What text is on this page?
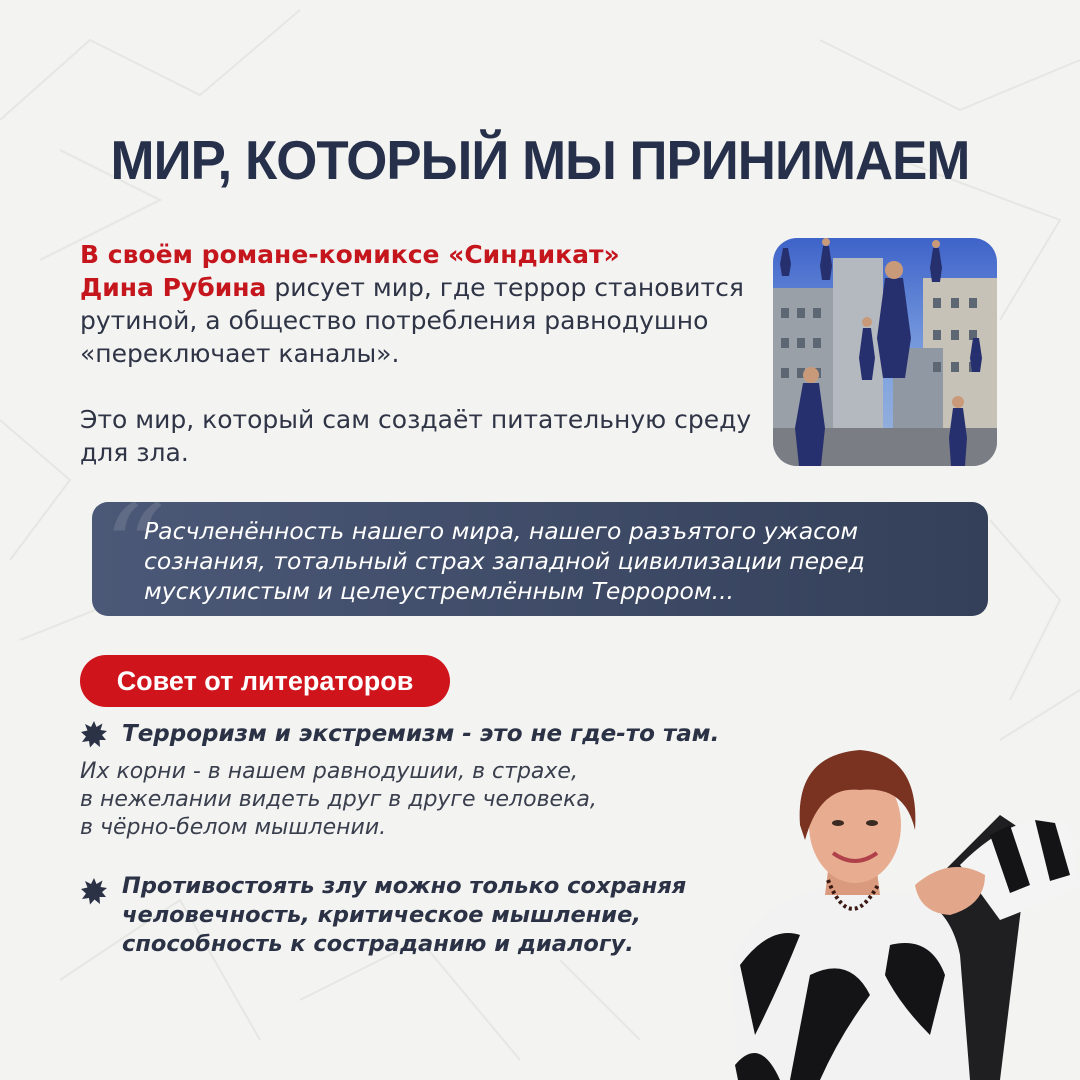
МИР, КОТОРЫЙ МЫ ПРИНИМАЕМ

В своём романе-комиксе «Синдикат»
Дина Рубина рисует мир, где террор становится рутиной, а общество потребления равнодушно «переключает каналы».

Это мир, который сам создаёт питательную среду для зла.

“

Расчленённость нашего мира, нашего разъятого ужасом сознания, тотальный страх западной цивилизации перед мускулистым и целеустремлённым Террором...

Совет от литераторов
Терроризм и экстремизм - это не где-то там.

Их корни - в нашем равнодушии, в страхе,
в нежелании видеть друг в друге человека,
в чёрно-белом мышлении.

Противостоять злу можно только сохраняя
человечность, критическое мышление,
способность к состраданию и диалогу.
